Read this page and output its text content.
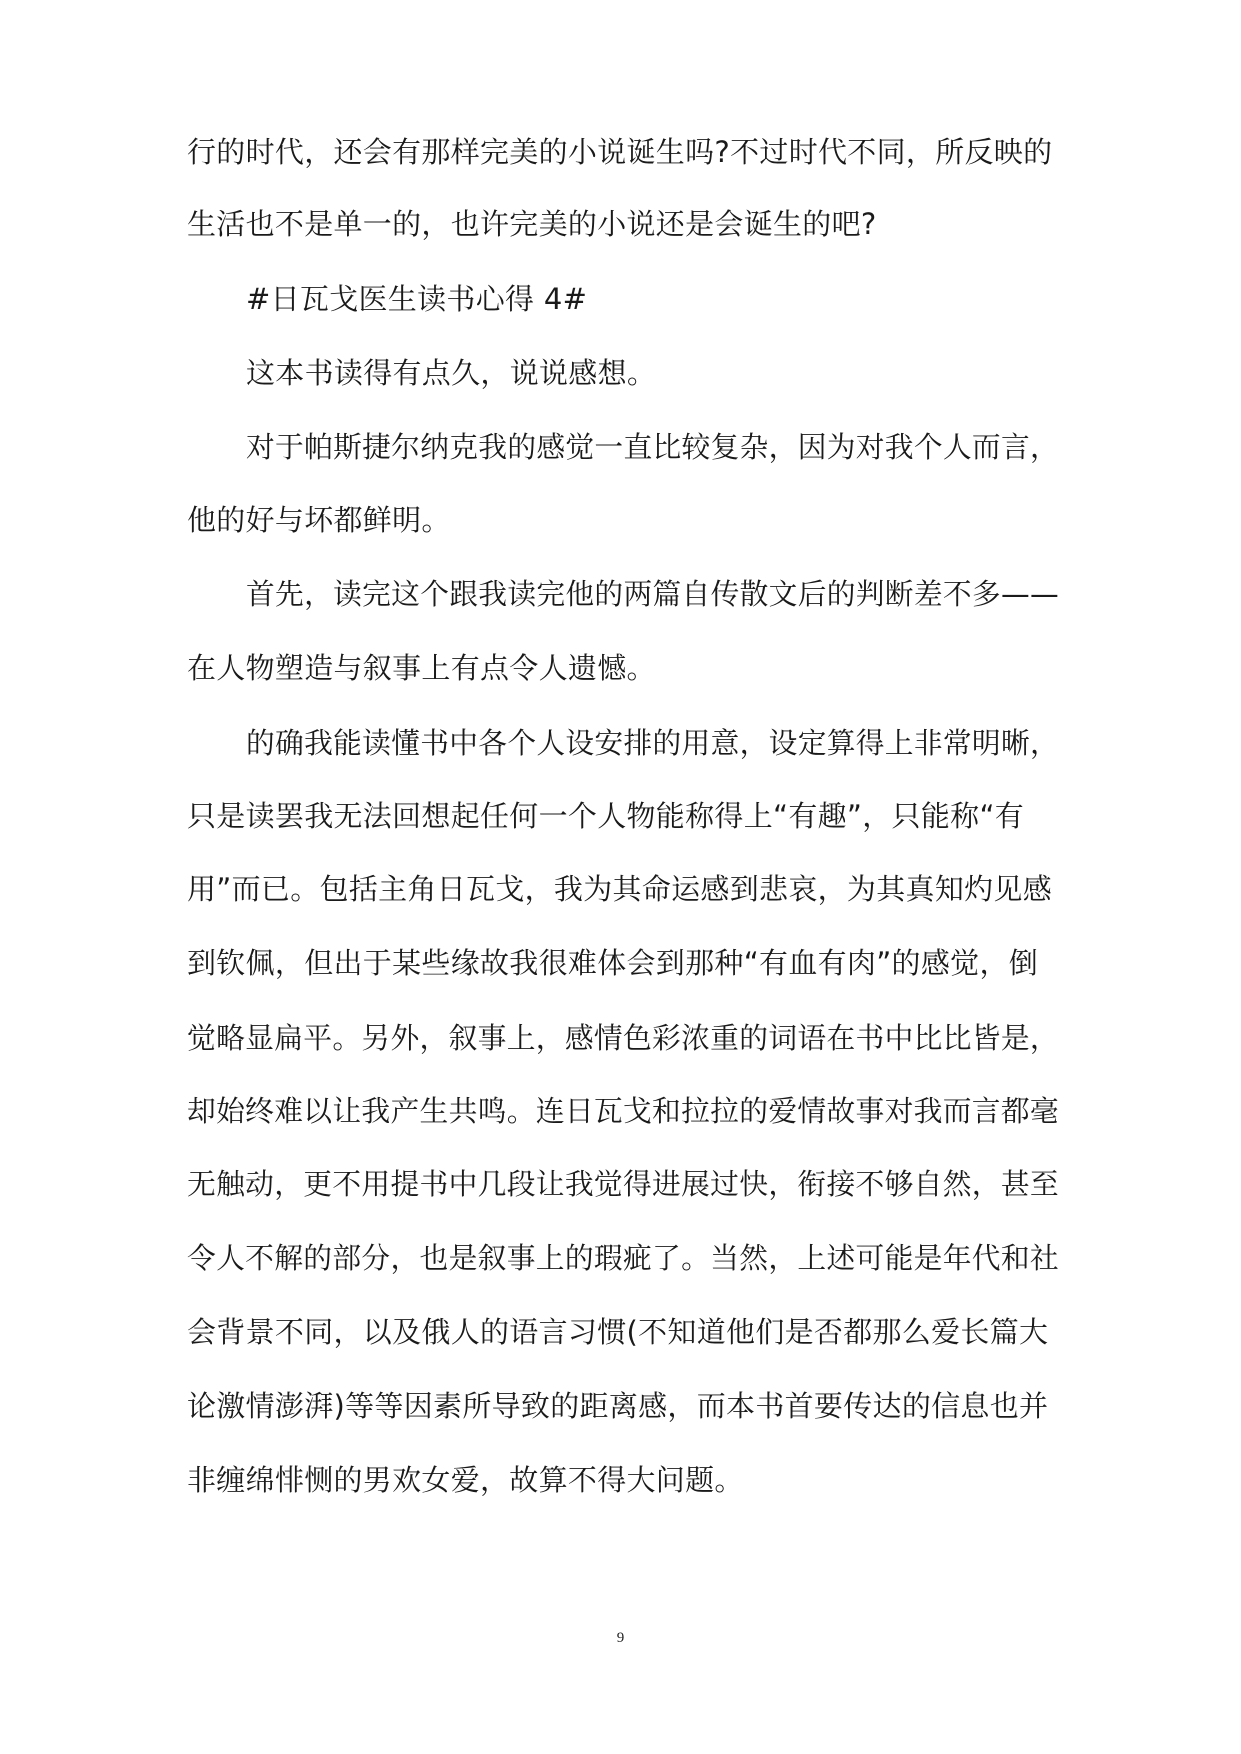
行的时代，还会有那样完美的小说诞生吗?不过时代不同，所反映的
生活也不是单一的，也许完美的小说还是会诞生的吧?
#日瓦戈医生读书心得 4#
这本书读得有点久，说说感想。
对于帕斯捷尔纳克我的感觉一直比较复杂，因为对我个人而言，
他的好与坏都鲜明。
首先，读完这个跟我读完他的两篇自传散文后的判断差不多——
在人物塑造与叙事上有点令人遗憾。
的确我能读懂书中各个人设安排的用意，设定算得上非常明晰，
只是读罢我无法回想起任何一个人物能称得上“有趣”，只能称“有
用”而已。包括主角日瓦戈，我为其命运感到悲哀，为其真知灼见感
到钦佩，但出于某些缘故我很难体会到那种“有血有肉”的感觉，倒
觉略显扁平。另外，叙事上，感情色彩浓重的词语在书中比比皆是，
却始终难以让我产生共鸣。连日瓦戈和拉拉的爱情故事对我而言都毫
无触动，更不用提书中几段让我觉得进展过快，衔接不够自然，甚至
令人不解的部分，也是叙事上的瑕疵了。当然，上述可能是年代和社
会背景不同，以及俄人的语言习惯(不知道他们是否都那么爱长篇大
论激情澎湃)等等因素所导致的距离感，而本书首要传达的信息也并
非缠绵悱恻的男欢女爱，故算不得大问题。
9
